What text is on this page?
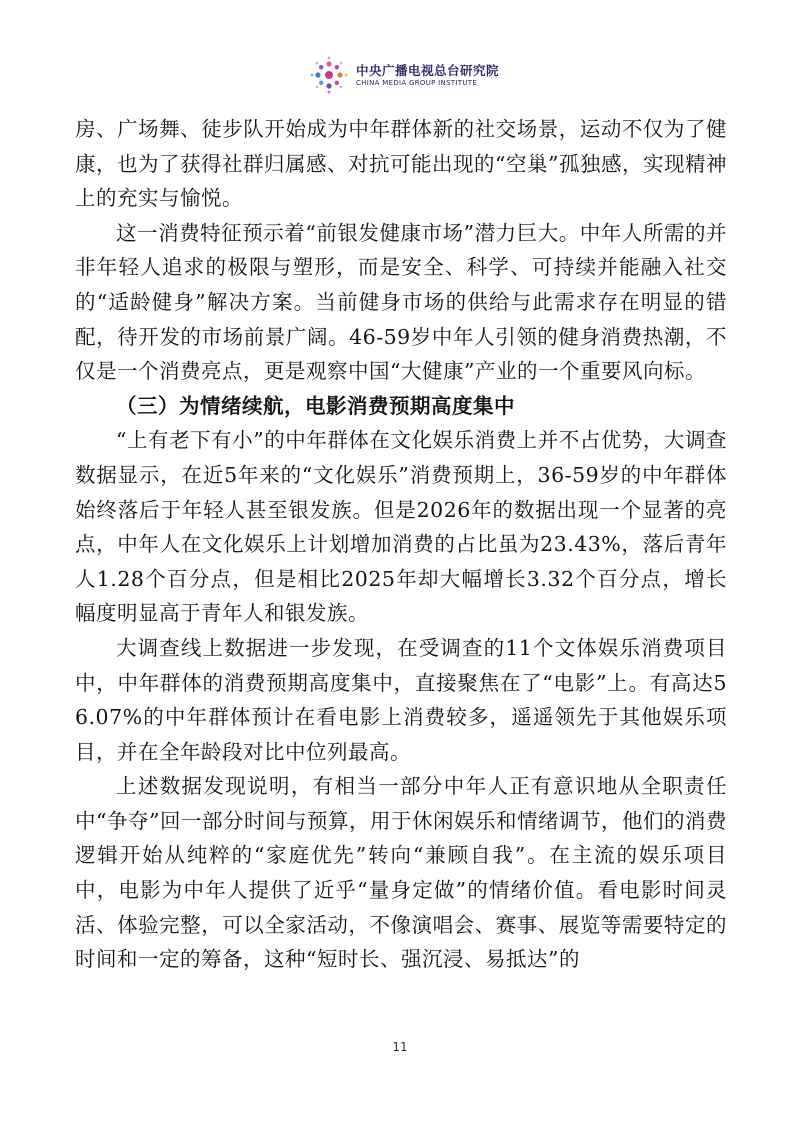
中央广播电视总台研究院
CHINA MEDIA GROUP INSTITUTE

房、广场舞、徒步队开始成为中年群体新的社交场景，运动不仅为了健康，也为了获得社群归属感、对抗可能出现的“空巢”孤独感，实现精神上的充实与愉悦。

这一消费特征预示着“前银发健康市场”潜力巨大。中年人所需的并非年轻人追求的极限与塑形，而是安全、科学、可持续并能融入社交的“适龄健身”解决方案。当前健身市场的供给与此需求存在明显的错配，待开发的市场前景广阔。46-59岁中年人引领的健身消费热潮，不仅是一个消费亮点，更是观察中国“大健康”产业的一个重要风向标。

（三）为情绪续航，电影消费预期高度集中

“上有老下有小”的中年群体在文化娱乐消费上并不占优势，大调查数据显示，在近5年来的“文化娱乐”消费预期上，36-59岁的中年群体始终落后于年轻人甚至银发族。但是2026年的数据出现一个显著的亮点，中年人在文化娱乐上计划增加消费的占比虽为23.43%，落后青年人1.28个百分点，但是相比2025年却大幅增长3.32个百分点，增长幅度明显高于青年人和银发族。

大调查线上数据进一步发现，在受调查的11个文体娱乐消费项目中，中年群体的消费预期高度集中，直接聚焦在了“电影”上。有高达56.07%的中年群体预计在看电影上消费较多，遥遥领先于其他娱乐项目，并在全年龄段对比中位列最高。

上述数据发现说明，有相当一部分中年人正有意识地从全职责任中“争夺”回一部分时间与预算，用于休闲娱乐和情绪调节，他们的消费逻辑开始从纯粹的“家庭优先”转向“兼顾自我”。在主流的娱乐项目中，电影为中年人提供了近乎“量身定做”的情绪价值。看电影时间灵活、体验完整，可以全家活动，不像演唱会、赛事、展览等需要特定的时间和一定的筹备，这种“短时长、强沉浸、易抵达”的

11
